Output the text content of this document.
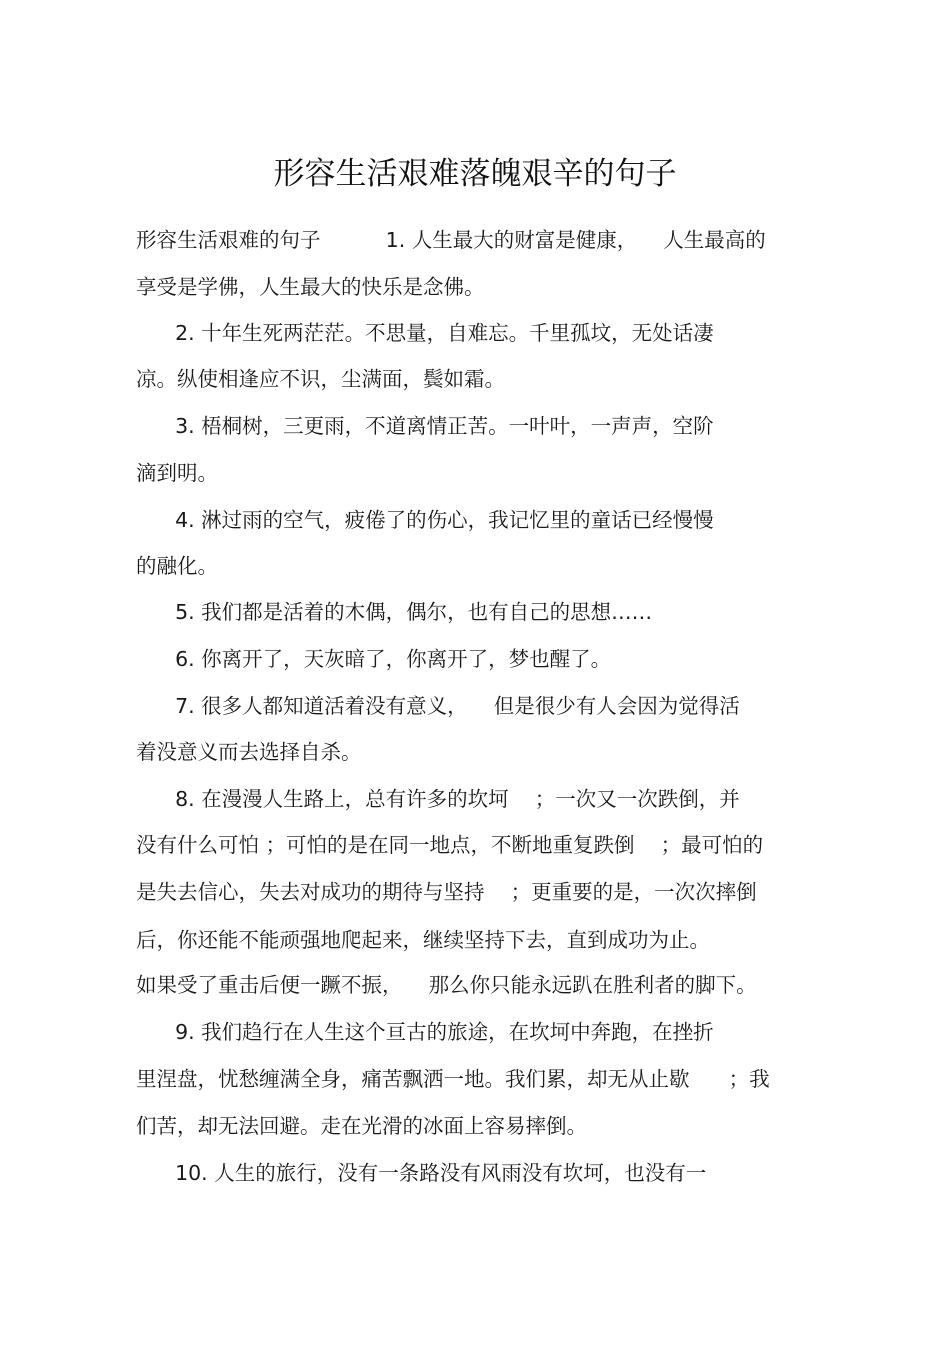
形容生活艰难落魄艰辛的句子
形容生活艰难的句子          1. 人生最大的财富是健康，    人生最高的
享受是学佛，人生最大的快乐是念佛。
2. 十年生死两茫茫。不思量，自难忘。千里孤坟，无处话凄
凉。纵使相逢应不识，尘满面，鬓如霜。
3. 梧桐树，三更雨，不道离情正苦。一叶叶，一声声，空阶
滴到明。
4. 淋过雨的空气，疲倦了的伤心，我记忆里的童话已经慢慢
的融化。
5. 我们都是活着的木偶，偶尔，也有自己的思想……
6. 你离开了，天灰暗了，你离开了，梦也醒了。
7. 很多人都知道活着没有意义，    但是很少有人会因为觉得活
着没意义而去选择自杀。
8. 在漫漫人生路上，总有许多的坎坷    ；一次又一次跌倒，并
没有什么可怕 ；可怕的是在同一地点，不断地重复跌倒    ；最可怕的
是失去信心，失去对成功的期待与坚持    ；更重要的是，一次次摔倒
后，你还能不能顽强地爬起来，继续坚持下去，直到成功为止。
如果受了重击后便一蹶不振，    那么你只能永远趴在胜利者的脚下。
9. 我们趋行在人生这个亘古的旅途，在坎坷中奔跑，在挫折
里涅盘，忧愁缠满全身，痛苦飘洒一地。我们累，却无从止歇      ；我
们苦，却无法回避。走在光滑的冰面上容易摔倒。
10. 人生的旅行，没有一条路没有风雨没有坎坷，也没有一
